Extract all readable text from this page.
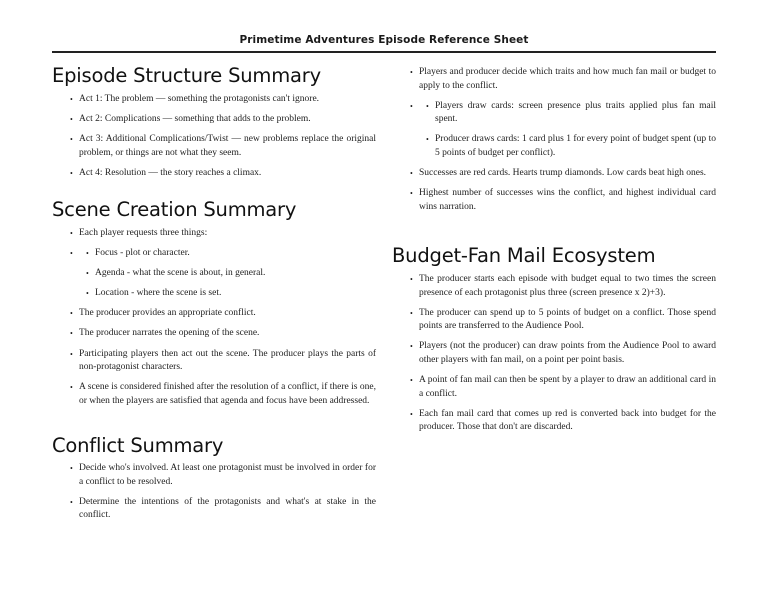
Primetime Adventures Episode Reference Sheet
Episode Structure Summary
• Act 1: The problem — something the protagonists can't ignore.
• Act 2: Complications — something that adds to the problem.
• Act 3: Additional Complications/Twist — new problems replace the original problem, or things are not what they seem.
• Act 4: Resolution — the story reaches a climax.
Scene Creation Summary
• Each player requests three things:
• • Focus - plot or character.
• Agenda - what the scene is about, in general.
• Location - where the scene is set.
• The producer provides an appropriate conflict.
• The producer narrates the opening of the scene.
• Participating players then act out the scene. The producer plays the parts of non-protagonist characters.
• A scene is considered finished after the resolution of a conflict, if there is one, or when the players are satisfied that agenda and focus have been addressed.
Conflict Summary
• Decide who's involved. At least one protagonist must be involved in order for a conflict to be resolved.
• Determine the intentions of the protagonists and what's at stake in the conflict.
• Players and producer decide which traits and how much fan mail or budget to apply to the conflict.
• • Players draw cards: screen presence plus traits applied plus fan mail spent.
• Producer draws cards: 1 card plus 1 for every point of budget spent (up to 5 points of budget per conflict).
• Successes are red cards. Hearts trump diamonds. Low cards beat high ones.
• Highest number of successes wins the conflict, and highest individual card wins narration.
Budget-Fan Mail Ecosystem
• The producer starts each episode with budget equal to two times the screen presence of each protagonist plus three (screen presence x 2)+3).
• The producer can spend up to 5 points of budget on a conflict. Those spend points are transferred to the Audience Pool.
• Players (not the producer) can draw points from the Audience Pool to award other players with fan mail, on a point per point basis.
• A point of fan mail can then be spent by a player to draw an additional card in a conflict.
• Each fan mail card that comes up red is converted back into budget for the producer. Those that don't are discarded.
